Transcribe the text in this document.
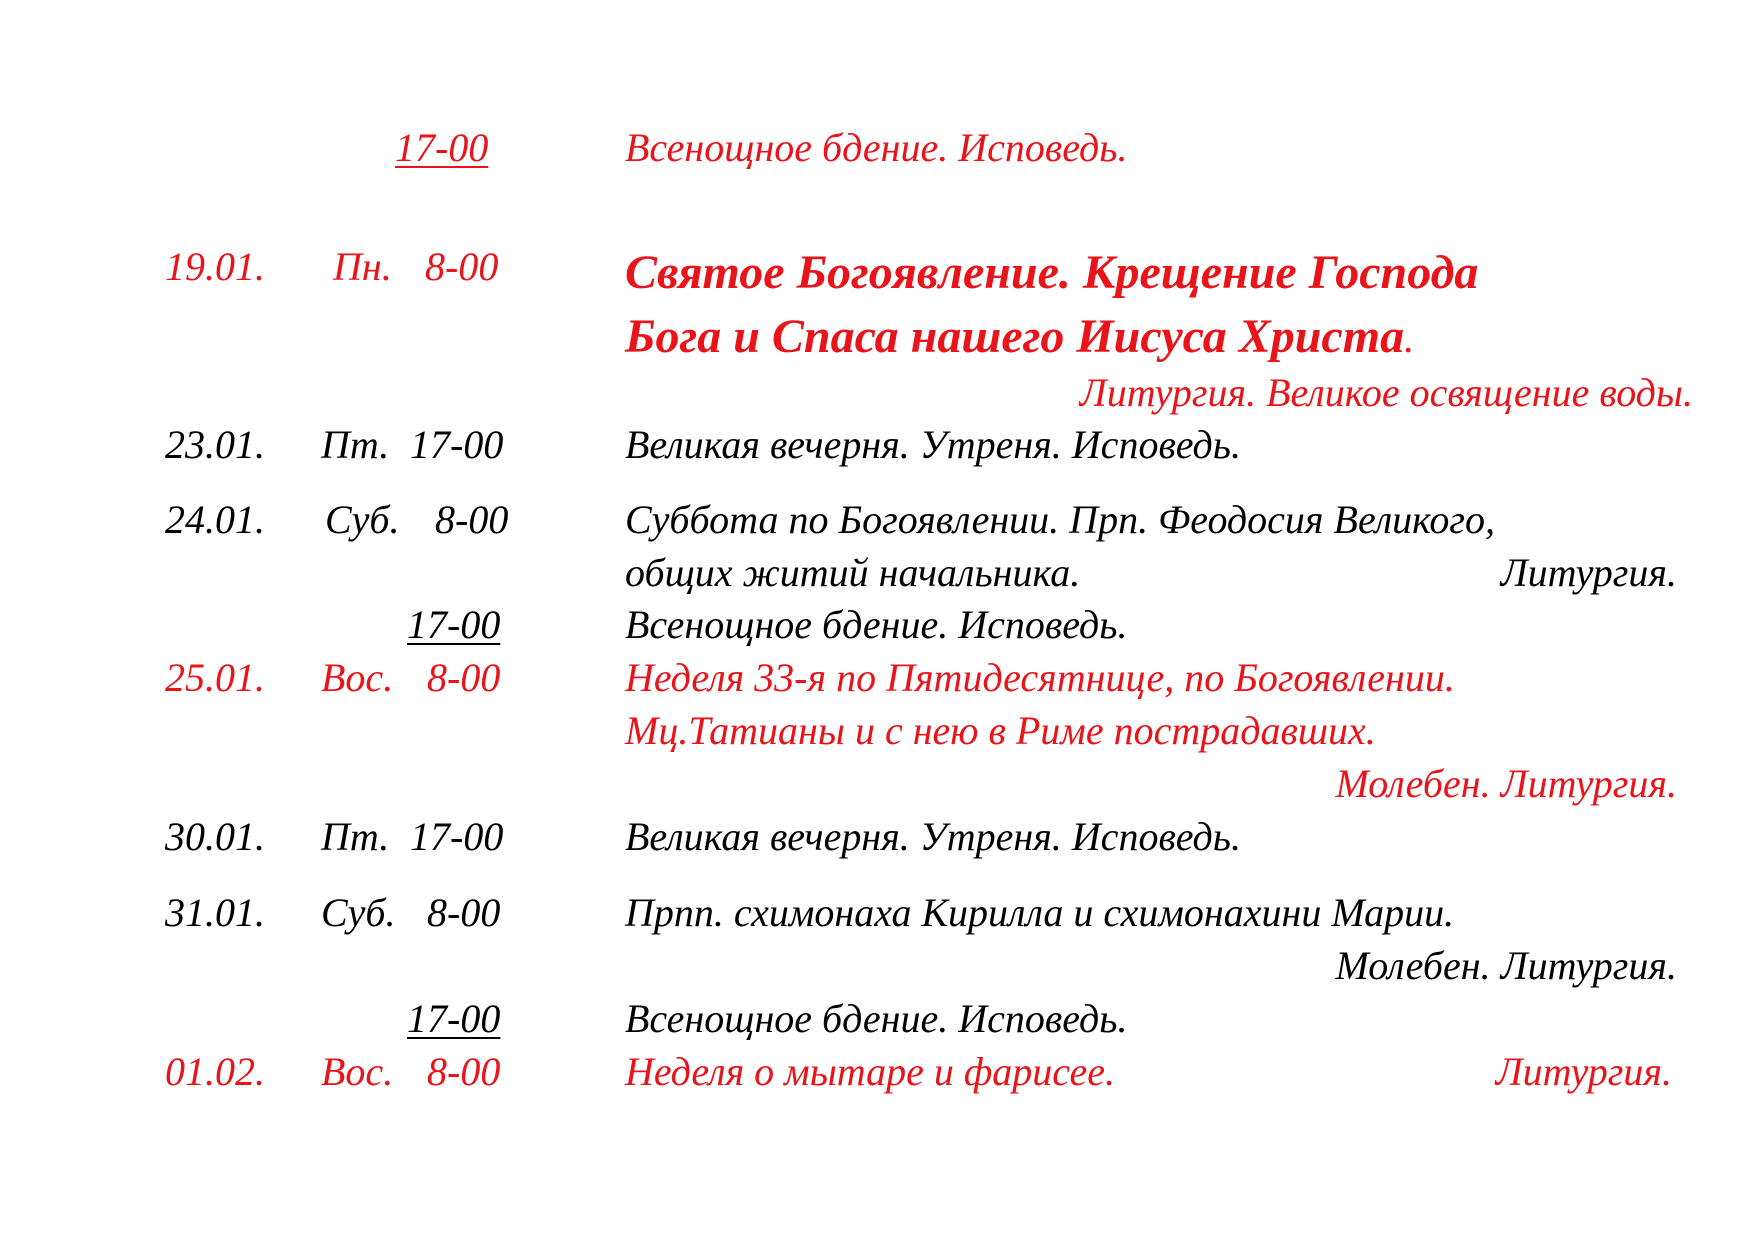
17-00	Всенощное бдение. Исповедь.
19.01. Пн. 8-00	Святое Богоявление. Крещение Господа
Бога и Спаса нашего Иисуса Христа.
Литургия. Великое освящение воды.
23.01. Пт. 17-00	Великая вечерня. Утреня. Исповедь.
24.01. Суб. 8-00	Суббота по Богоявлении. Прп. Феодосия Великого,
общих житий начальника.	Литургия.
17-00	Всенощное бдение. Исповедь.
25.01. Вос. 8-00	Неделя 33-я по Пятидесятнице, по Богоявлении.
Мц.Татианы и с нею в Риме пострадавших.
Молебен. Литургия.
30.01. Пт. 17-00	Великая вечерня. Утреня. Исповедь.
31.01. Суб. 8-00	Прпп. схимонаха Кирилла и схимонахини Марии.
Молебен. Литургия.
17-00	Всенощное бдение. Исповедь.
01.02. Вос. 8-00	Неделя о мытаре и фарисее.	Литургия.
